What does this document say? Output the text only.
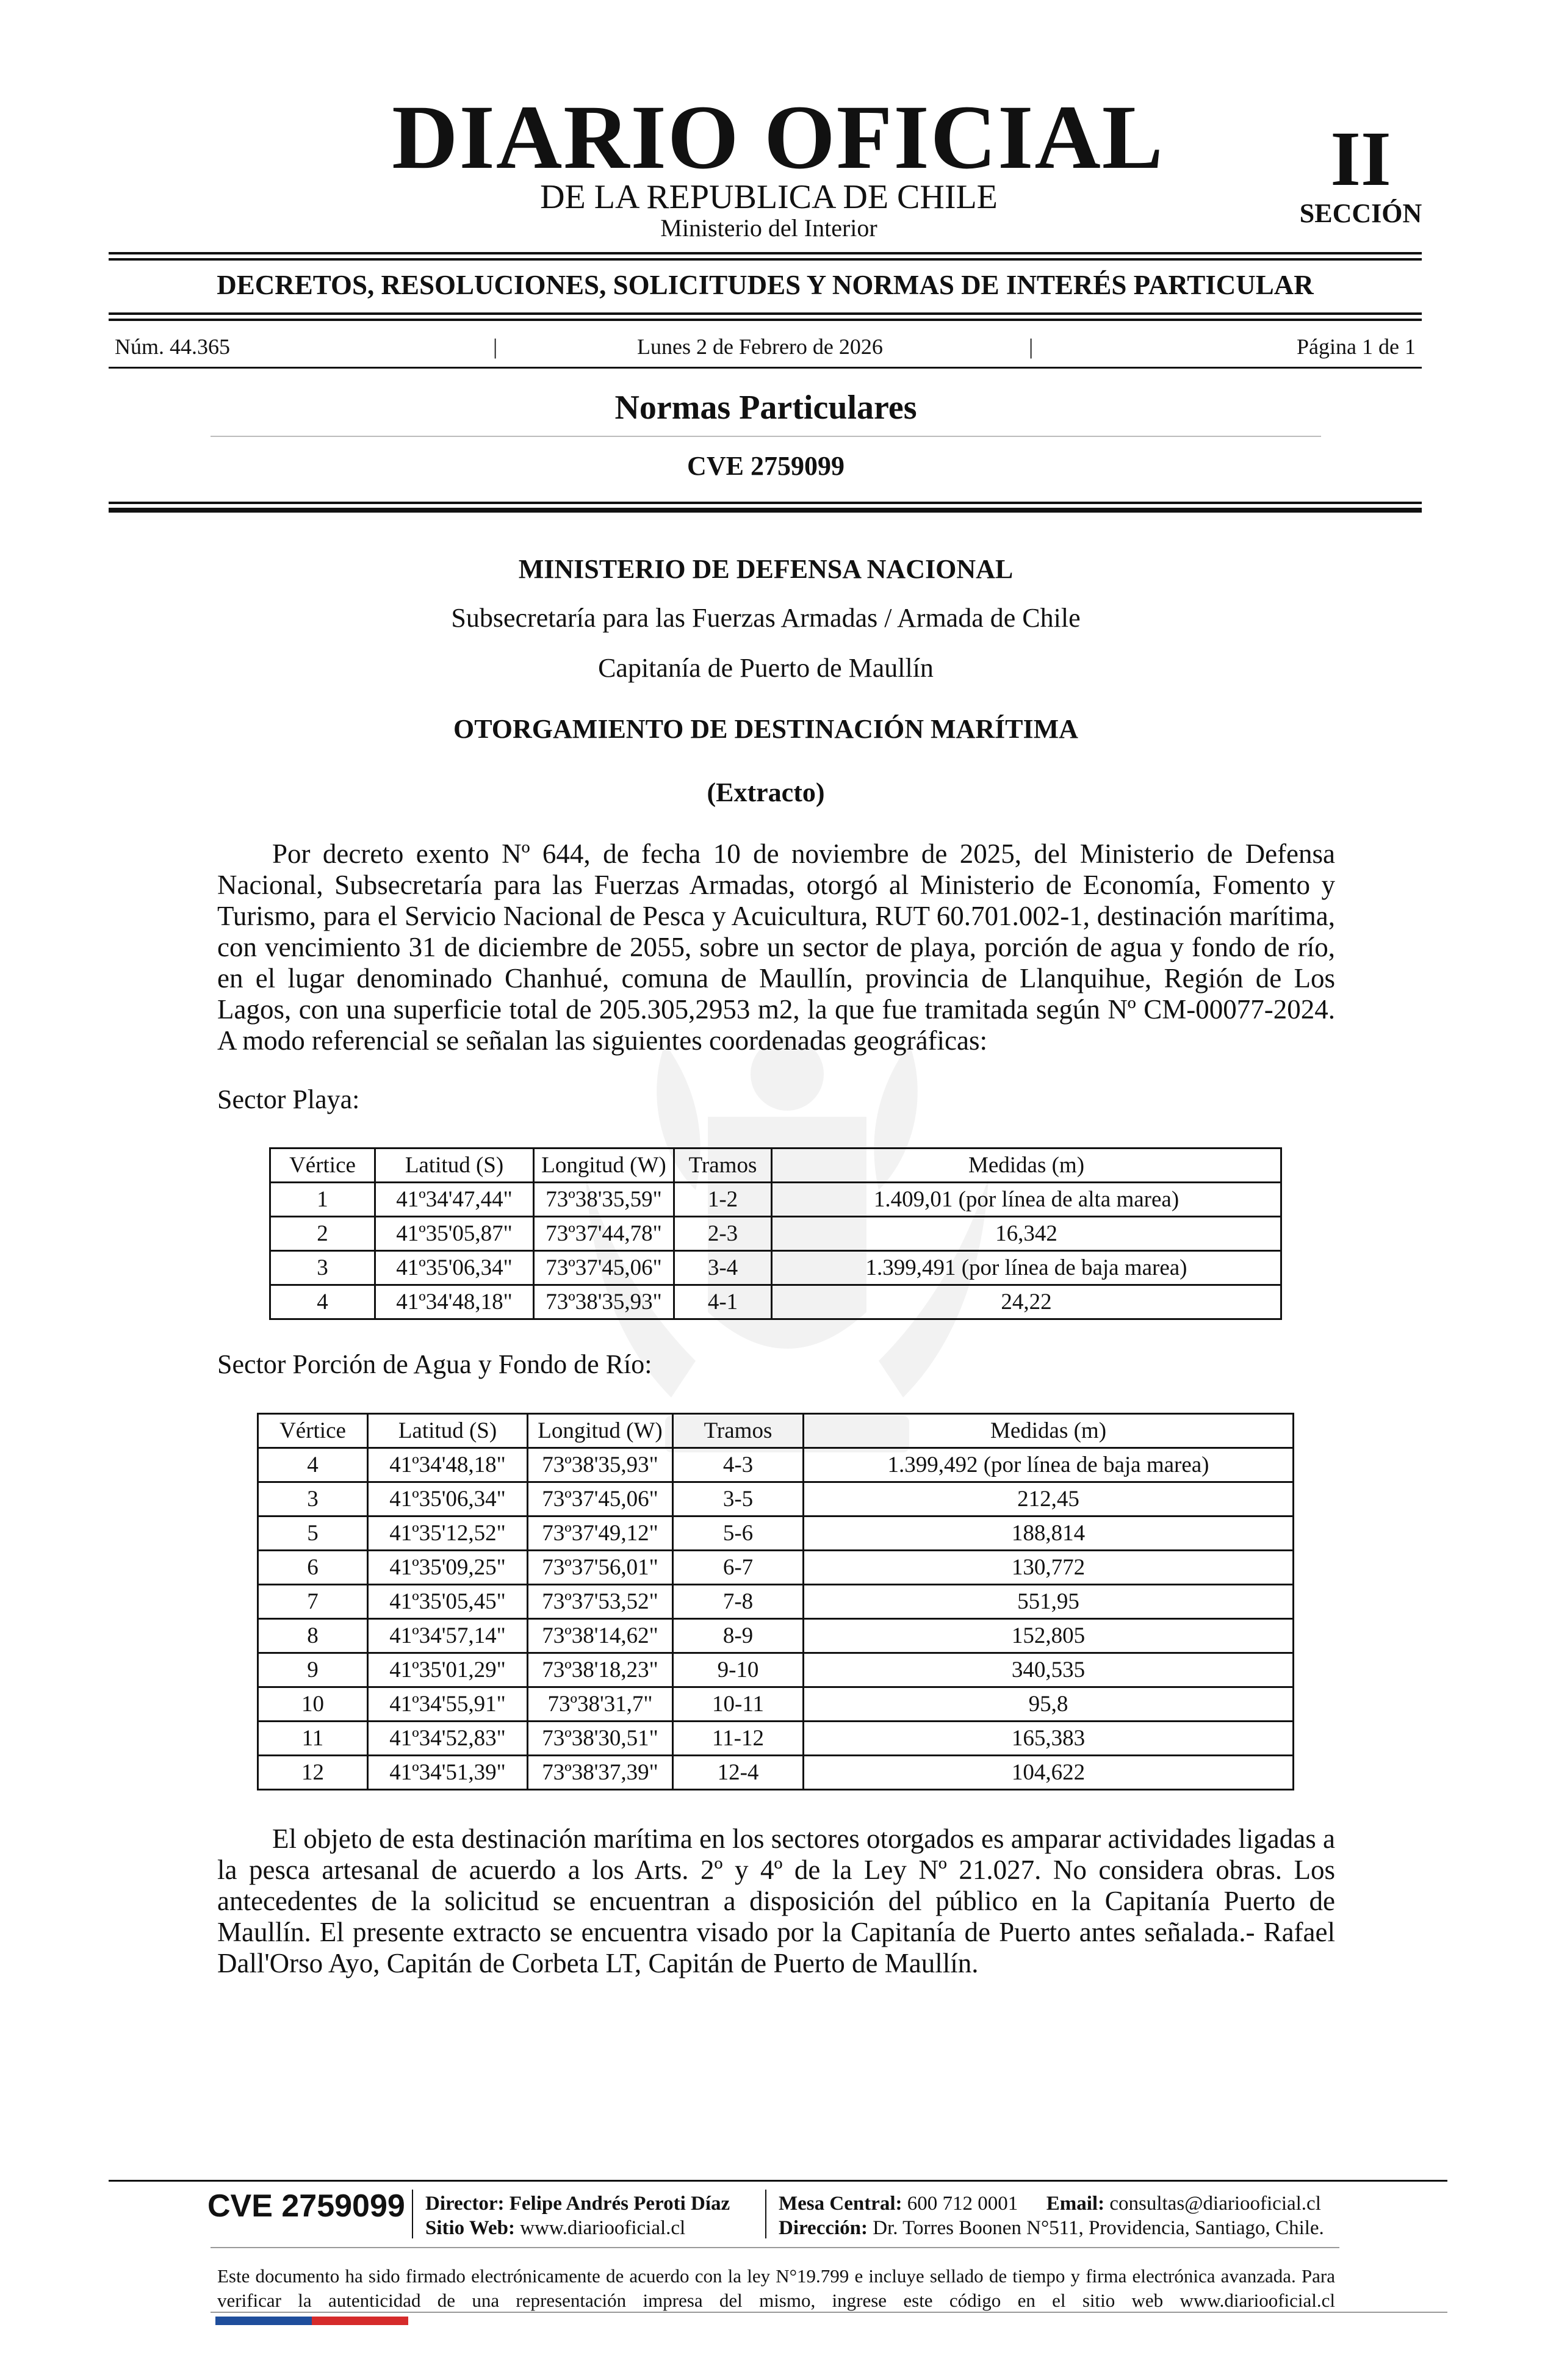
DIARIO OFICIAL
DE LA REPUBLICA DE CHILE
Ministerio del Interior
II
SECCIÓN
DECRETOS, RESOLUCIONES, SOLICITUDES Y NORMAS DE INTERÉS PARTICULAR
Núm. 44.365	|	Lunes 2 de Febrero de 2026	|	Página 1 de 1
Normas Particulares
CVE 2759099
MINISTERIO DE DEFENSA NACIONAL
Subsecretaría para las Fuerzas Armadas / Armada de Chile
Capitanía de Puerto de Maullín
OTORGAMIENTO DE DESTINACIÓN MARÍTIMA
(Extracto)

Por decreto exento Nº 644, de fecha 10 de noviembre de 2025, del Ministerio de Defensa Nacional, Subsecretaría para las Fuerzas Armadas, otorgó al Ministerio de Economía, Fomento y Turismo, para el Servicio Nacional de Pesca y Acuicultura, RUT 60.701.002-1, destinación marítima, con vencimiento 31 de diciembre de 2055, sobre un sector de playa, porción de agua y fondo de río, en el lugar denominado Chanhué, comuna de Maullín, provincia de Llanquihue, Región de Los Lagos, con una superficie total de 205.305,2953 m2, la que fue tramitada según Nº CM-00077-2024. A modo referencial se señalan las siguientes coordenadas geográficas:

Sector Playa:
Vértice	Latitud (S)	Longitud (W)	Tramos	Medidas (m)
1	41º34'47,44"	73º38'35,59"	1-2	1.409,01 (por línea de alta marea)
2	41º35'05,87"	73º37'44,78"	2-3	16,342
3	41º35'06,34"	73º37'45,06"	3-4	1.399,491 (por línea de baja marea)
4	41º34'48,18"	73º38'35,93"	4-1	24,22
Sector Porción de Agua y Fondo de Río:
Vértice	Latitud (S)	Longitud (W)	Tramos	Medidas (m)
4	41º34'48,18"	73º38'35,93"	4-3	1.399,492 (por línea de baja marea)
3	41º35'06,34"	73º37'45,06"	3-5	212,45
5	41º35'12,52"	73º37'49,12"	5-6	188,814
6	41º35'09,25"	73º37'56,01"	6-7	130,772
7	41º35'05,45"	73º37'53,52"	7-8	551,95
8	41º34'57,14"	73º38'14,62"	8-9	152,805
9	41º35'01,29"	73º38'18,23"	9-10	340,535
10	41º34'55,91"	73º38'31,7"	10-11	95,8
11	41º34'52,83"	73º38'30,51"	11-12	165,383
12	41º34'51,39"	73º38'37,39"	12-4	104,622

El objeto de esta destinación marítima en los sectores otorgados es amparar actividades ligadas a la pesca artesanal de acuerdo a los Arts. 2º y 4º de la Ley Nº 21.027. No considera obras. Los antecedentes de la solicitud se encuentran a disposición del público en la Capitanía Puerto de Maullín. El presente extracto se encuentra visado por la Capitanía de Puerto antes señalada.- Rafael Dall'Orso Ayo, Capitán de Corbeta LT, Capitán de Puerto de Maullín.

CVE 2759099 Director: Felipe Andrés Peroti Díaz
Sitio Web: www.diariooficial.cl
Mesa Central: 600 712 0001 Email: consultas@diariooficial.cl
Dirección: Dr. Torres Boonen N°511, Providencia, Santiago, Chile.

Este documento ha sido firmado electrónicamente de acuerdo con la ley N°19.799 e incluye sellado de tiempo y firma electrónica avanzada. Para verificar la autenticidad de una representación impresa del mismo, ingrese este código en el sitio web www.diariooficial.cl
